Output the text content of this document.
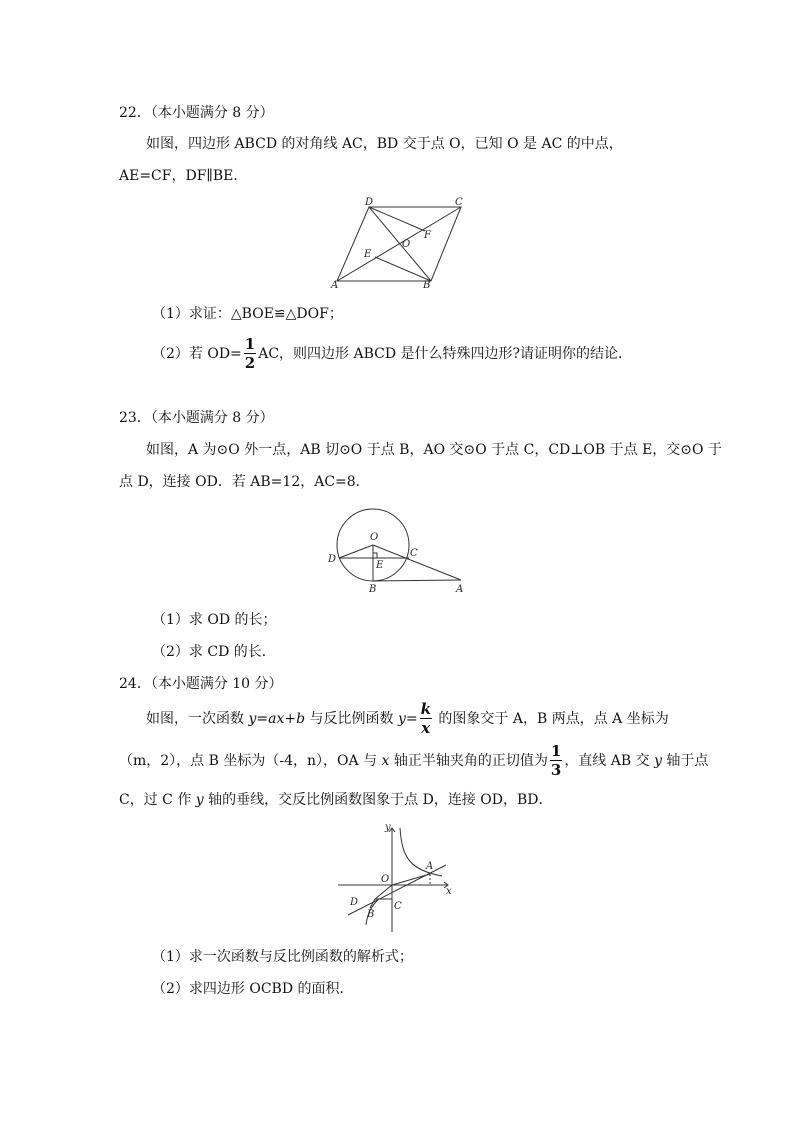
22．（本小题满分 8 分）
如图，四边形 ABCD 的对角线 AC，BD 交于点 O，已知 O 是 AC 的中点，
AE=CF，DF∥BE．
D	C
F
O
E
A	B
（1）求证：△BOE≌△DOF；
（2）若 $OD= \frac{1}{2}$ AC，则四边形 ABCD 是什么特殊四边形?请证明你的结论．
23．（本小题满分 8 分）
如图，A 为⊙O 外一点，AB 切⊙O 于点 B，AO 交⊙O 于点 C，CD⊥OB 于点 E，交⊙O 于
点 D，连接 OD．若 AB=12，AC=8．
O
C
D
E
B	A
（1）求 OD 的长；
（2）求 CD 的长．
24．（本小题满分 10 分）
如图，一次函数 y=ax+b 与反比例函数 $y= \frac{k}{x}$ 的图象交于 A，B 两点，点 A 坐标为
（m，2），点 B 坐标为（-4，n），OA 与 x 轴正半轴夹角的正切值为 $\frac{1}{3}$ ，直线 AB 交 y 轴于点
C，过 C 作 y 轴的垂线，交反比例函数图象于点 D，连接 OD，BD．
y
x
O
A
D	C
B
（1）求一次函数与反比例函数的解析式；
（2）求四边形 OCBD 的面积．
